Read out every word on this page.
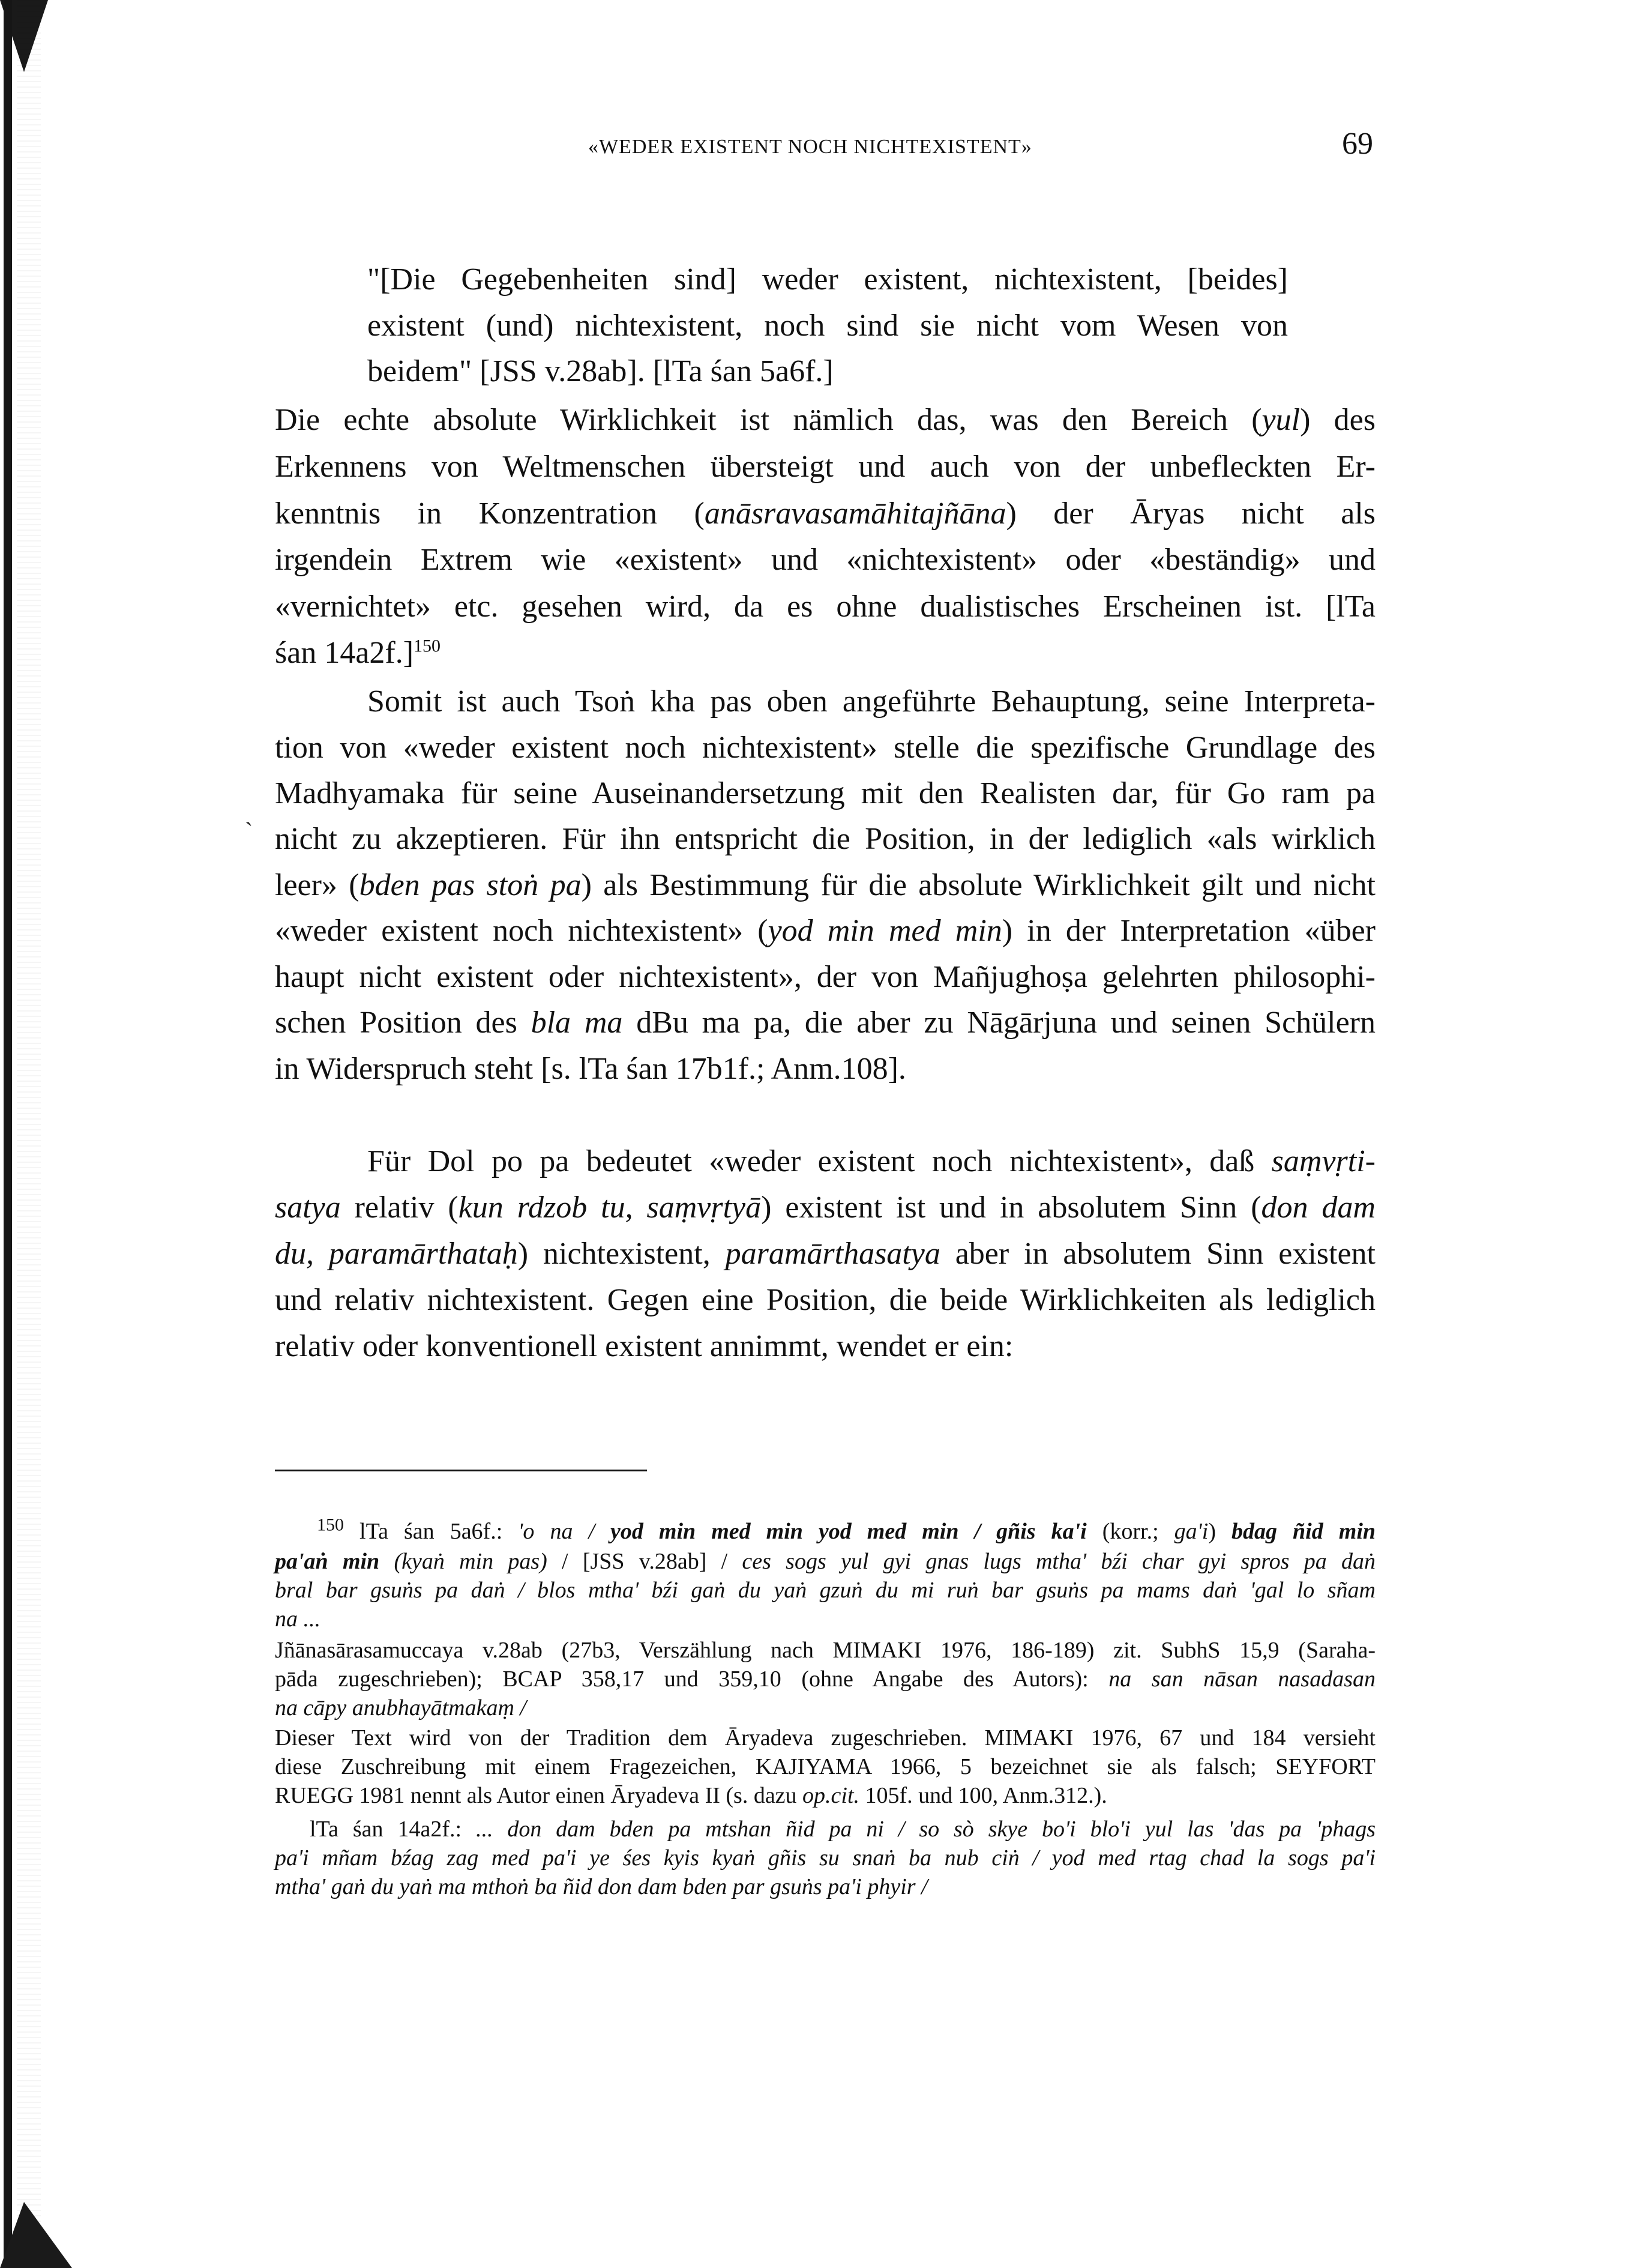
«WEDER EXISTENT NOCH NICHTEXISTENT»	69
"[Die Gegebenheiten sind] weder existent, nichtexistent, [beides]
existent (und) nichtexistent, noch sind sie nicht vom Wesen von
beidem" [JSS v.28ab]. [lTa śan 5a6f.]
Die echte absolute Wirklichkeit ist nämlich das, was den Bereich (yul) des
Erkennens von Weltmenschen übersteigt und auch von der unbefleckten Er-
kenntnis in Konzentration (anāsravasamāhitajñāna) der Āryas nicht als
irgendein Extrem wie «existent» und «nichtexistent» oder «beständig» und
«vernichtet» etc. gesehen wird, da es ohne dualistisches Erscheinen ist. [lTa
śan 14a2f.]$^{150}$
Somit ist auch Tsoṅ kha pas oben angeführte Behauptung, seine Interpreta-
tion von «weder existent noch nichtexistent» stelle die spezifische Grundlage des
Madhyamaka für seine Auseinandersetzung mit den Realisten dar, für Go ram pa
nicht zu akzeptieren. Für ihn entspricht die Position, in der lediglich «als wirklich
leer» (bden pas stoṅ pa) als Bestimmung für die absolute Wirklichkeit gilt und nicht
«weder existent noch nichtexistent» (yod min med min) in der Interpretation «über
haupt nicht existent oder nichtexistent», der von Mañjughoṣa gelehrten philosophi-
schen Position des bla ma dBu ma pa, die aber zu Nāgārjuna und seinen Schülern
in Widerspruch steht [s. lTa śan 17b1f.; Anm.108].
Für Dol po pa bedeutet «weder existent noch nichtexistent», daß saṃvṛti-
satya relativ (kun rdzob tu, saṃvṛtyā) existent ist und in absolutem Sinn (don dam
du, paramārthataḥ) nichtexistent, paramārthasatya aber in absolutem Sinn existent
und relativ nichtexistent. Gegen eine Position, die beide Wirklichkeiten als lediglich
relativ oder konventionell existent annimmt, wendet er ein:
ˏ
$^{150}$ lTa śan 5a6f.: 'o na / yod min med min yod med min / gñis ka'i (korr.; ga'i) bdag ñid min
pa'aṅ min (kyaṅ min pas) / [JSS v.28ab] / ces sogs yul gyi gnas lugs mtha' bźi char gyi spros pa daṅ
bral bar gsuṅs pa daṅ / blos mtha' bźi gaṅ du yaṅ gzuṅ du mi ruṅ bar gsuṅs pa mams daṅ 'gal lo sñam
na ...
Jñānasārasamuccaya v.28ab (27b3, Verszählung nach MIMAKI 1976, 186-189) zit. SubhS 15,9 (Saraha-
pāda zugeschrieben); BCAP 358,17 und 359,10 (ohne Angabe des Autors): na san nāsan nasadasan
na cāpy anubhayātmakaṃ /
Dieser Text wird von der Tradition dem Āryadeva zugeschrieben. MIMAKI 1976, 67 und 184 versieht
diese Zuschreibung mit einem Fragezeichen, KAJIYAMA 1966, 5 bezeichnet sie als falsch; SEYFORT
RUEGG 1981 nennt als Autor einen Āryadeva II (s. dazu op.cit. 105f. und 100, Anm.312.).
lTa śan 14a2f.: ... don dam bden pa mtshan ñid pa ni / so sò skye bo'i blo'i yul las 'das pa 'phags
pa'i mñam bźag zag med pa'i ye śes kyis kyaṅ gñis su snaṅ ba nub ciṅ / yod med rtag chad la sogs pa'i
mtha' gaṅ du yaṅ ma mthoṅ ba ñid don dam bden par gsuṅs pa'i phyir /
